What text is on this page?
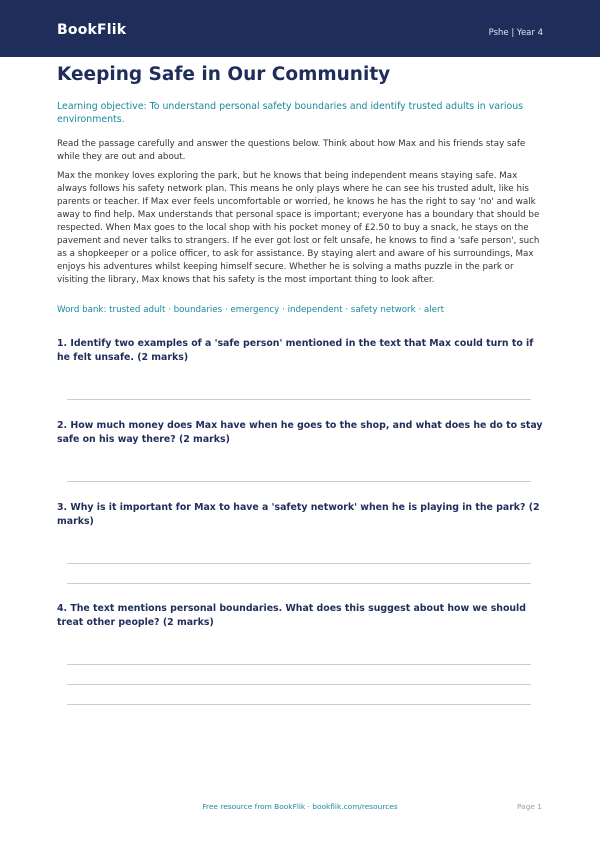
BookFlik	Pshe | Year 4
Keeping Safe in Our Community
Learning objective: To understand personal safety boundaries and identify trusted adults in various environments.
Read the passage carefully and answer the questions below. Think about how Max and his friends stay safe while they are out and about.
Max the monkey loves exploring the park, but he knows that being independent means staying safe. Max always follows his safety network plan. This means he only plays where he can see his trusted adult, like his parents or teacher. If Max ever feels uncomfortable or worried, he knows he has the right to say 'no' and walk away to find help. Max understands that personal space is important; everyone has a boundary that should be respected. When Max goes to the local shop with his pocket money of £2.50 to buy a snack, he stays on the pavement and never talks to strangers. If he ever got lost or felt unsafe, he knows to find a 'safe person', such as a shopkeeper or a police officer, to ask for assistance. By staying alert and aware of his surroundings, Max enjoys his adventures whilst keeping himself secure. Whether he is solving a maths puzzle in the park or visiting the library, Max knows that his safety is the most important thing to look after.
Word bank: trusted adult · boundaries · emergency · independent · safety network · alert
1. Identify two examples of a 'safe person' mentioned in the text that Max could turn to if he felt unsafe. (2 marks)
2. How much money does Max have when he goes to the shop, and what does he do to stay safe on his way there? (2 marks)
3. Why is it important for Max to have a 'safety network' when he is playing in the park? (2 marks)
4. The text mentions personal boundaries. What does this suggest about how we should treat other people? (2 marks)
Free resource from BookFlik · bookflik.com/resources	Page 1
